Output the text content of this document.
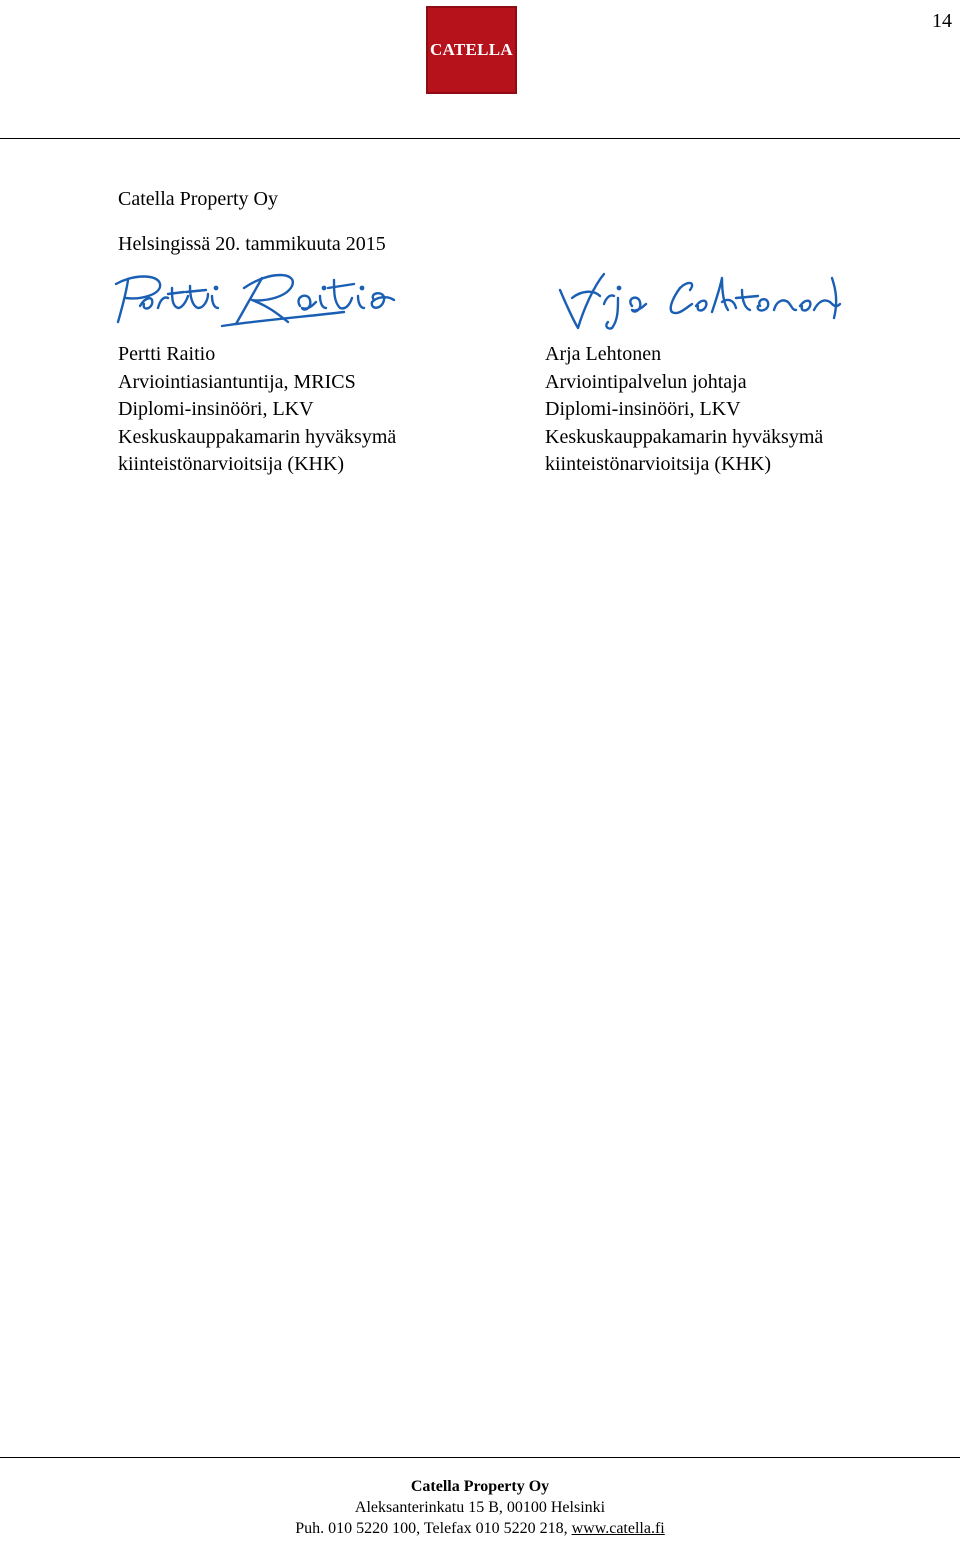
14
CATELLA
Catella Property Oy
Helsingissä 20. tammikuuta 2015
Pertti Raitio
Arviointiasiantuntija, MRICS
Diplomi-insinööri, LKV
Keskuskauppakamarin hyväksymä
kiinteistönarvioitsija (KHK)
Arja Lehtonen
Arviointipalvelun johtaja
Diplomi-insinööri, LKV
Keskuskauppakamarin hyväksymä
kiinteistönarvioitsija (KHK)
Catella Property Oy
Aleksanterinkatu 15 B, 00100 Helsinki
Puh. 010 5220 100, Telefax 010 5220 218, www.catella.fi
